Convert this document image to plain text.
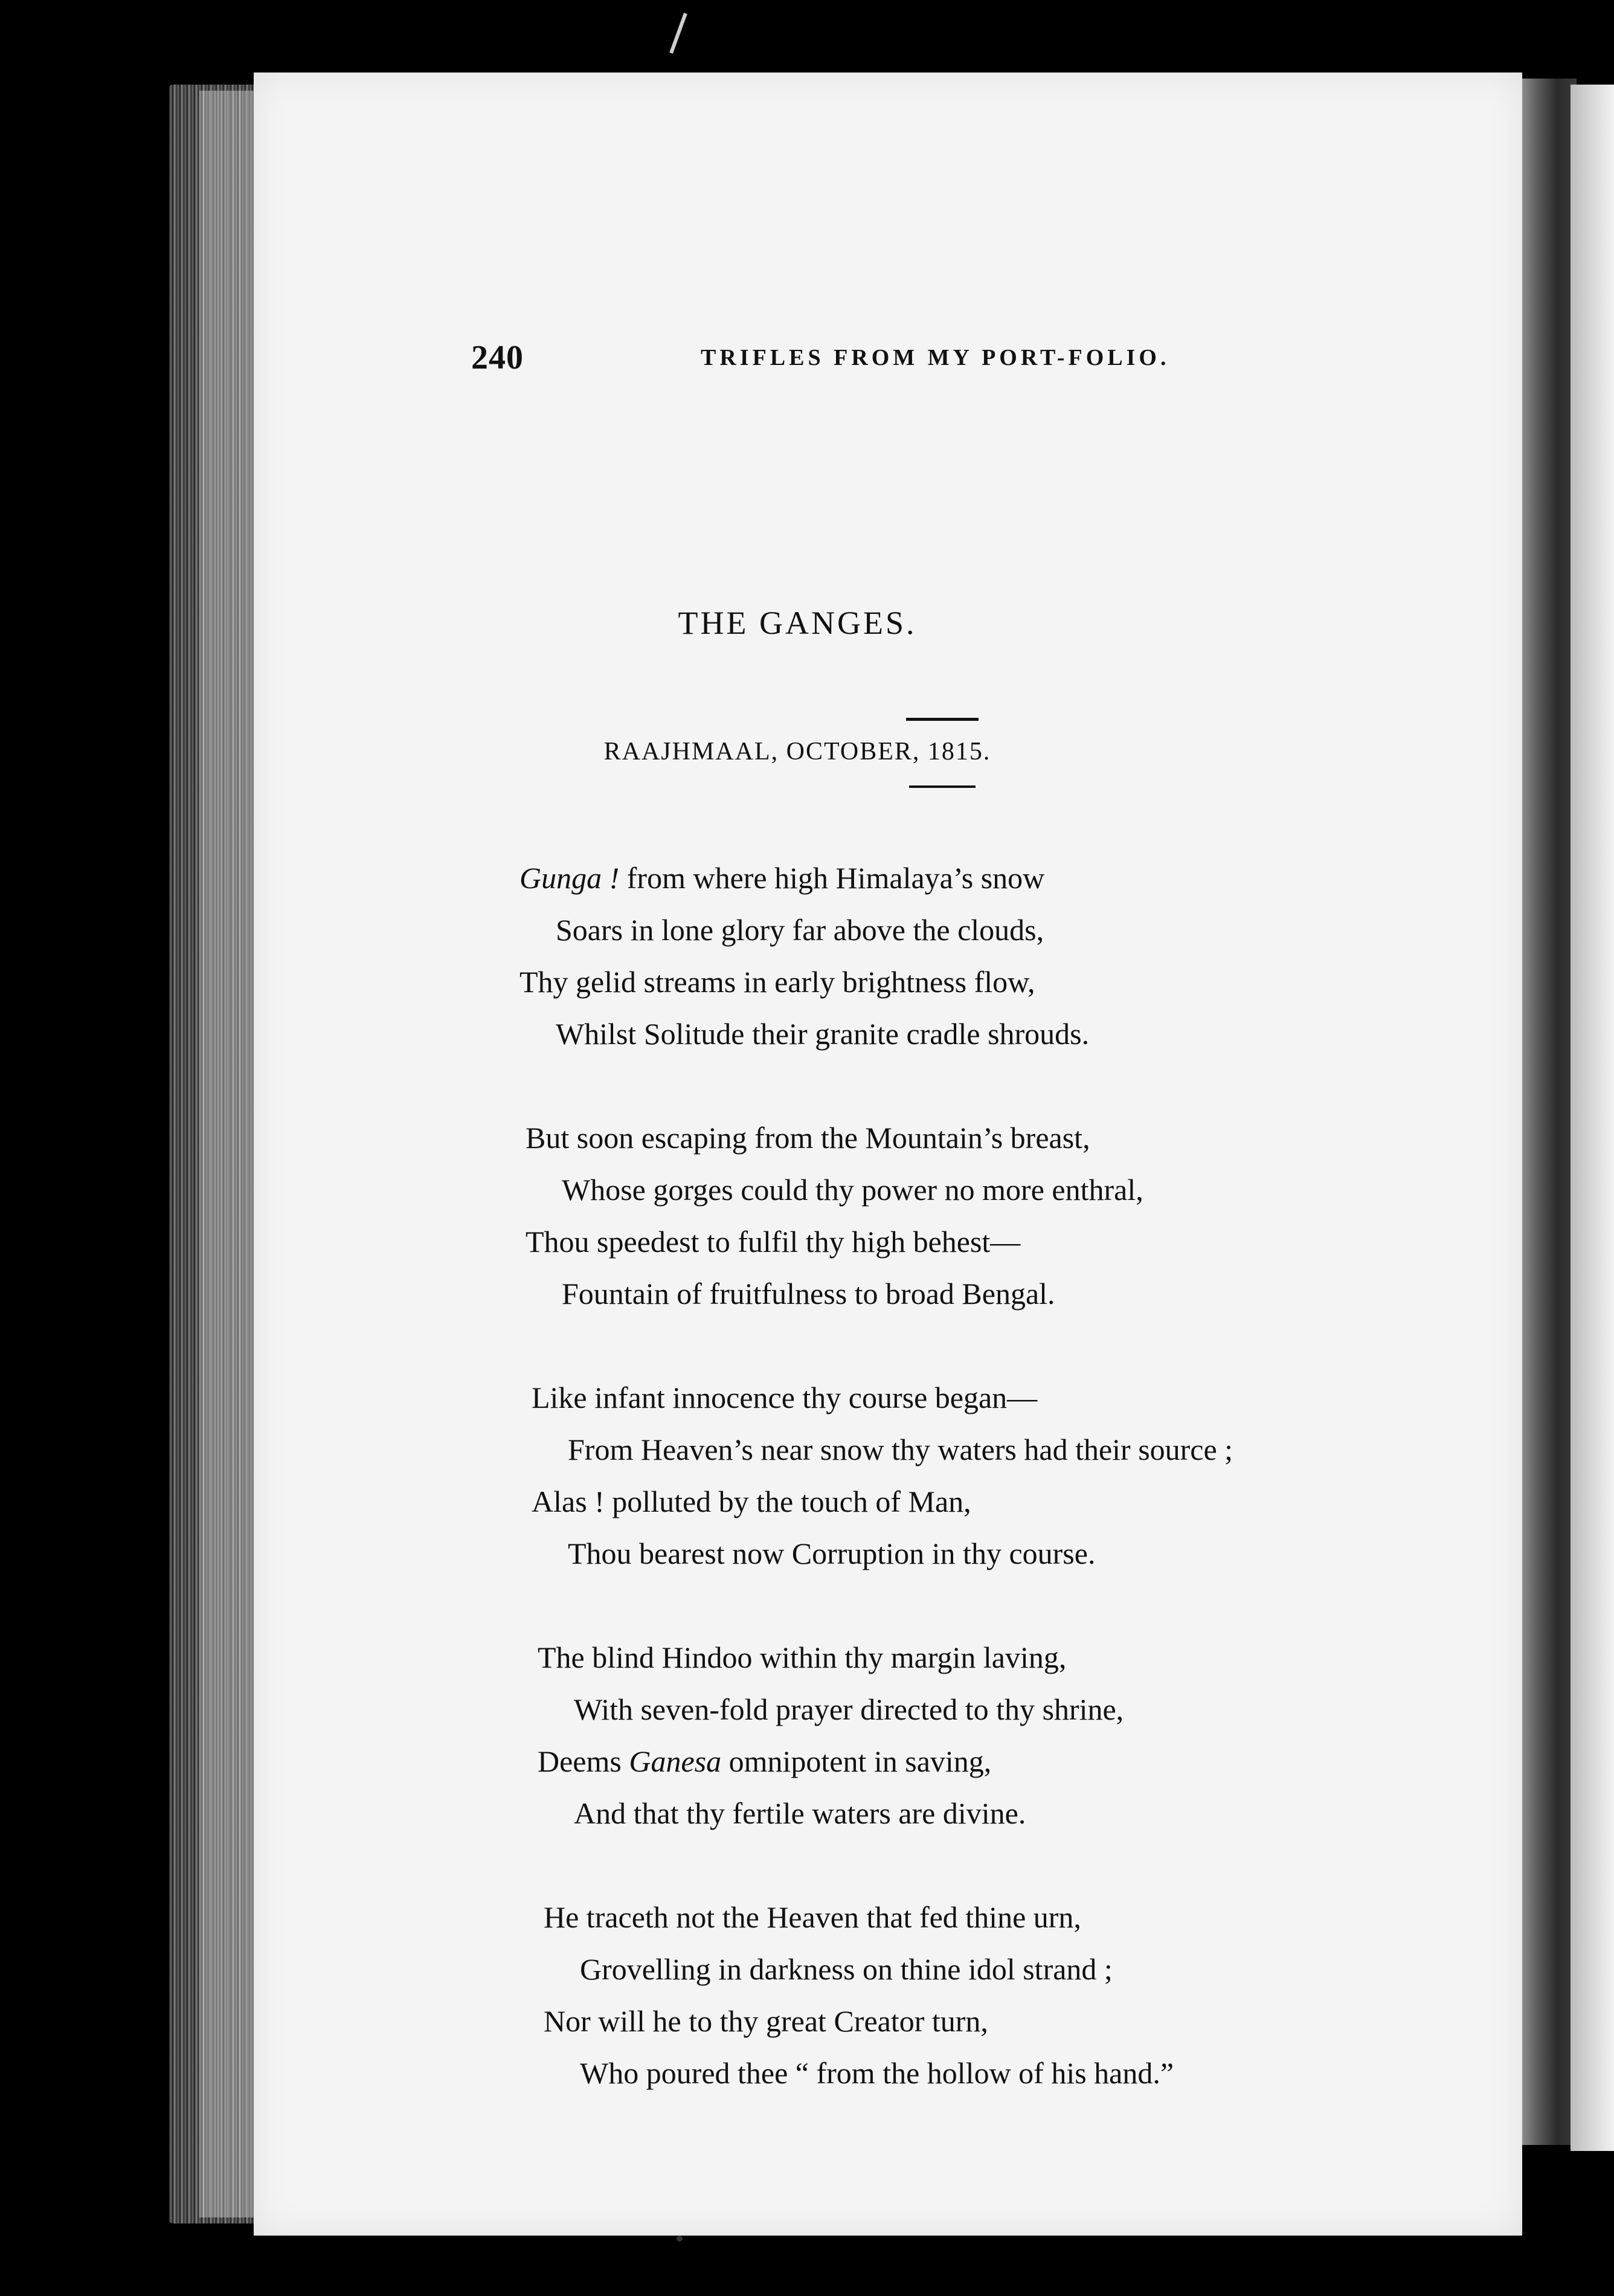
240	TRIFLES FROM MY PORT-FOLIO.
THE GANGES.
RAAJHMAAL, OCTOBER, 1815.
Gunga ! from where high Himalaya’s snow
Soars in lone glory far above the clouds,
Thy gelid streams in early brightness flow,
Whilst Solitude their granite cradle shrouds.
But soon escaping from the Mountain’s breast,
Whose gorges could thy power no more enthral,
Thou speedest to fulfil thy high behest—
Fountain of fruitfulness to broad Bengal.
Like infant innocence thy course began—
From Heaven’s near snow thy waters had their source ;
Alas ! polluted by the touch of Man,
Thou bearest now Corruption in thy course.
The blind Hindoo within thy margin laving,
With seven-fold prayer directed to thy shrine,
Deems Ganesa omnipotent in saving,
And that thy fertile waters are divine.
He traceth not the Heaven that fed thine urn,
Grovelling in darkness on thine idol strand ;
Nor will he to thy great Creator turn,
Who poured thee “ from the hollow of his hand.”
